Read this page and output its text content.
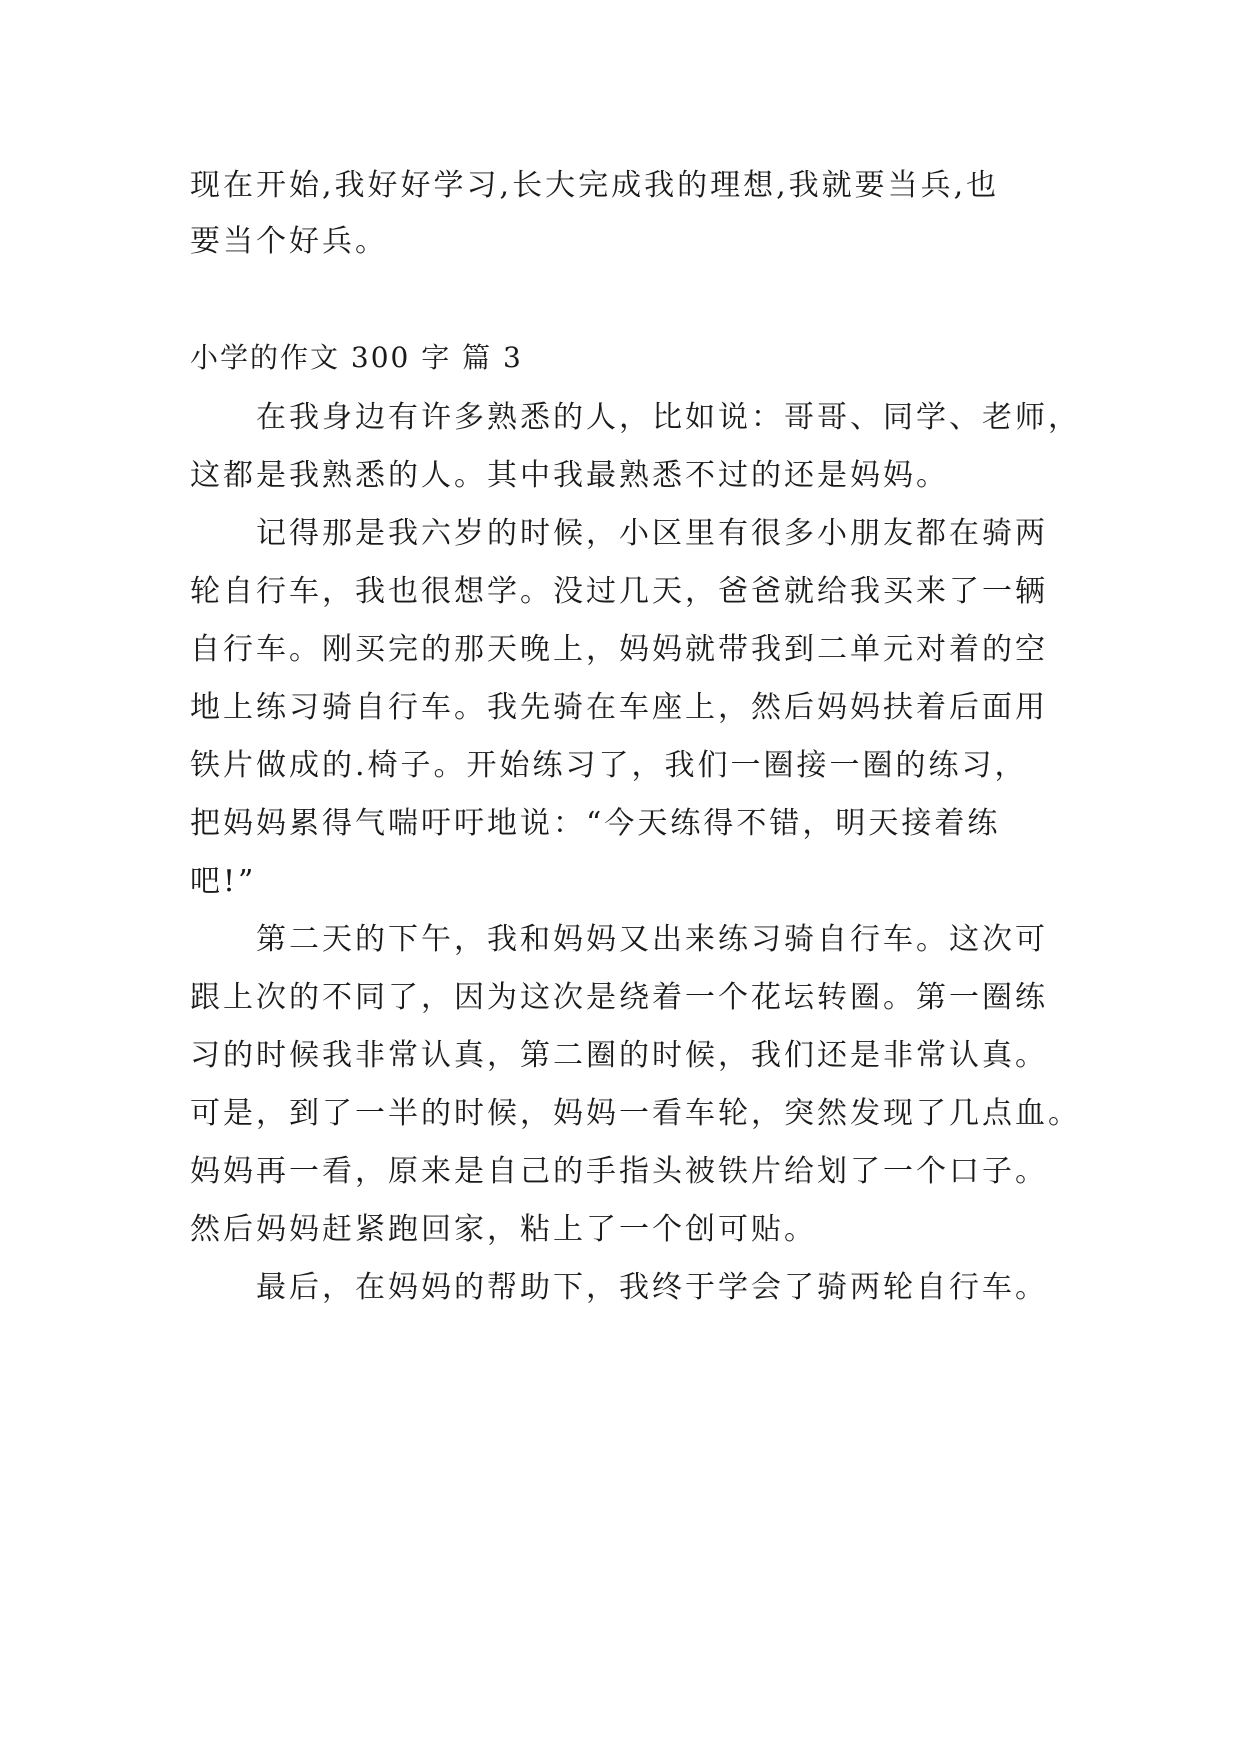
现在开始,我好好学习,长大完成我的理想,我就要当兵,也
要当个好兵。
小学的作文 300 字 篇 3
在我身边有许多熟悉的人，比如说：哥哥、同学、老师，
这都是我熟悉的人。其中我最熟悉不过的还是妈妈。
记得那是我六岁的时候，小区里有很多小朋友都在骑两
轮自行车，我也很想学。没过几天，爸爸就给我买来了一辆
自行车。刚买完的那天晚上，妈妈就带我到二单元对着的空
地上练习骑自行车。我先骑在车座上，然后妈妈扶着后面用
铁片做成的.椅子。开始练习了，我们一圈接一圈的练习，
把妈妈累得气喘吁吁地说：“今天练得不错，明天接着练
吧!”
第二天的下午，我和妈妈又出来练习骑自行车。这次可
跟上次的不同了，因为这次是绕着一个花坛转圈。第一圈练
习的时候我非常认真，第二圈的时候，我们还是非常认真。
可是，到了一半的时候，妈妈一看车轮，突然发现了几点血。
妈妈再一看，原来是自己的手指头被铁片给划了一个口子。
然后妈妈赶紧跑回家，粘上了一个创可贴。
最后，在妈妈的帮助下，我终于学会了骑两轮自行车。
